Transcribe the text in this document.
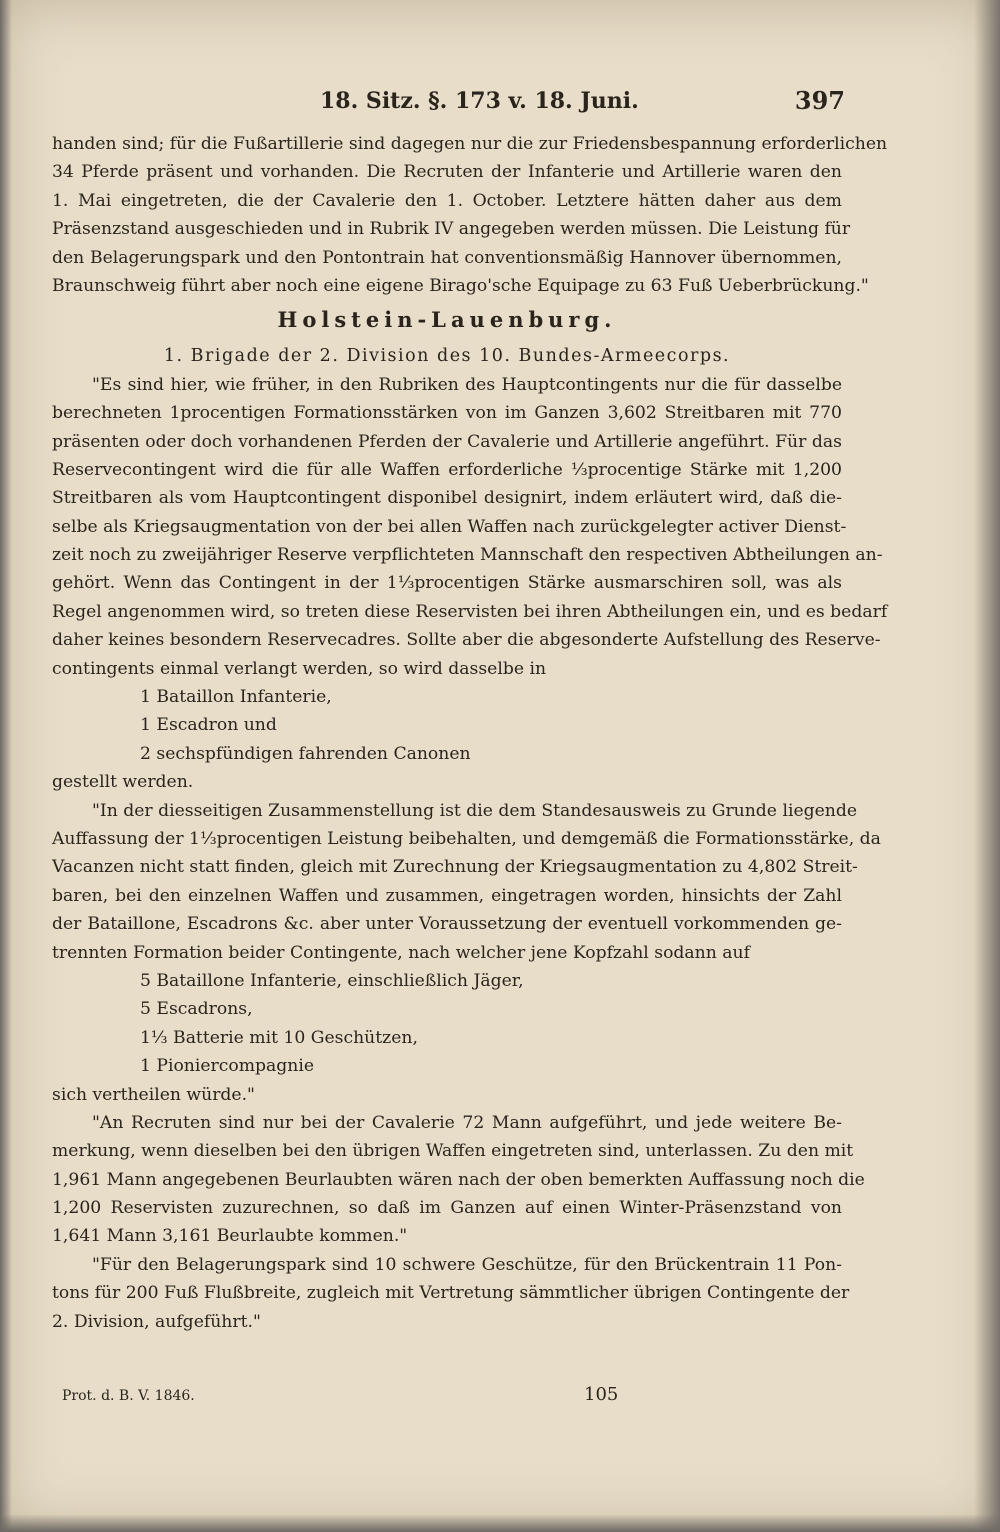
18. Sitz. §. 173 v. 18. Juni.	397
handen sind; für die Fußartillerie sind dagegen nur die zur Friedensbespannung erforderlichen
34 Pferde präsent und vorhanden. Die Recruten der Infanterie und Artillerie waren den
1. Mai eingetreten, die der Cavalerie den 1. October. Letztere hätten daher aus dem
Präsenzstand ausgeschieden und in Rubrik IV angegeben werden müssen. Die Leistung für
den Belagerungspark und den Pontontrain hat conventionsmäßig Hannover übernommen,
Braunschweig führt aber noch eine eigene Birago'sche Equipage zu 63 Fuß Ueberbrückung."
Holstein-Lauenburg.
1. Brigade der 2. Division des 10. Bundes-Armeecorps.
"Es sind hier, wie früher, in den Rubriken des Hauptcontingents nur die für dasselbe
berechneten 1procentigen Formationsstärken von im Ganzen 3,602 Streitbaren mit 770
präsenten oder doch vorhandenen Pferden der Cavalerie und Artillerie angeführt. Für das
Reservecontingent wird die für alle Waffen erforderliche ⅓procentige Stärke mit 1,200
Streitbaren als vom Hauptcontingent disponibel designirt, indem erläutert wird, daß die-
selbe als Kriegsaugmentation von der bei allen Waffen nach zurückgelegter activer Dienst-
zeit noch zu zweijähriger Reserve verpflichteten Mannschaft den respectiven Abtheilungen an-
gehört. Wenn das Contingent in der 1⅓procentigen Stärke ausmarschiren soll, was als
Regel angenommen wird, so treten diese Reservisten bei ihren Abtheilungen ein, und es bedarf
daher keines besondern Reservecadres. Sollte aber die abgesonderte Aufstellung des Reserve-
contingents einmal verlangt werden, so wird dasselbe in
1 Bataillon Infanterie,
1 Escadron und
2 sechspfündigen fahrenden Canonen
gestellt werden.
"In der diesseitigen Zusammenstellung ist die dem Standesausweis zu Grunde liegende
Auffassung der 1⅓procentigen Leistung beibehalten, und demgemäß die Formationsstärke, da
Vacanzen nicht statt finden, gleich mit Zurechnung der Kriegsaugmentation zu 4,802 Streit-
baren, bei den einzelnen Waffen und zusammen, eingetragen worden, hinsichts der Zahl
der Bataillone, Escadrons &c. aber unter Voraussetzung der eventuell vorkommenden ge-
trennten Formation beider Contingente, nach welcher jene Kopfzahl sodann auf
5 Bataillone Infanterie, einschließlich Jäger,
5 Escadrons,
1⅓ Batterie mit 10 Geschützen,
1 Pioniercompagnie
sich vertheilen würde."
"An Recruten sind nur bei der Cavalerie 72 Mann aufgeführt, und jede weitere Be-
merkung, wenn dieselben bei den übrigen Waffen eingetreten sind, unterlassen. Zu den mit
1,961 Mann angegebenen Beurlaubten wären nach der oben bemerkten Auffassung noch die
1,200 Reservisten zuzurechnen, so daß im Ganzen auf einen Winter-Präsenzstand von
1,641 Mann 3,161 Beurlaubte kommen."
"Für den Belagerungspark sind 10 schwere Geschütze, für den Brückentrain 11 Pon-
tons für 200 Fuß Flußbreite, zugleich mit Vertretung sämmtlicher übrigen Contingente der
2. Division, aufgeführt."
Prot. d. B. V. 1846.	105
